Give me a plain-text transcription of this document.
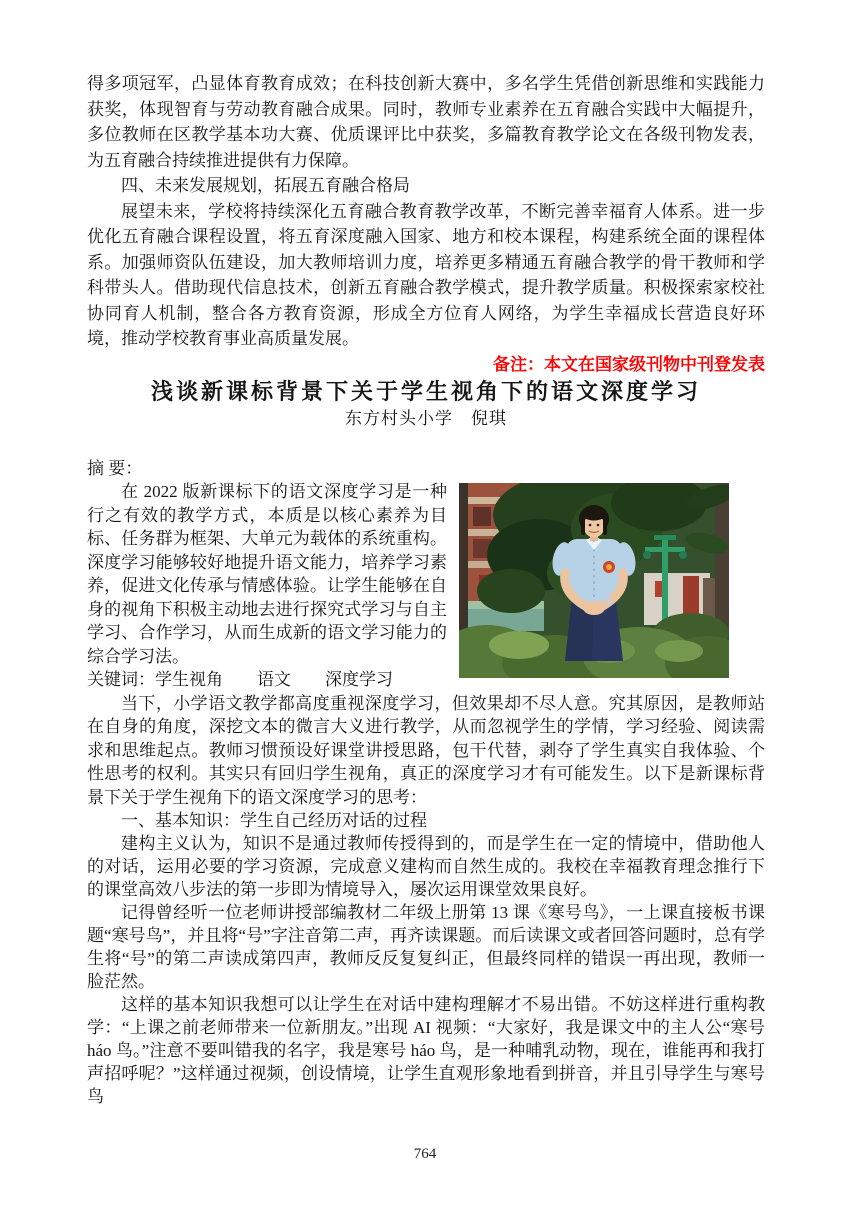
得多项冠军，凸显体育教育成效；在科技创新大赛中，多名学生凭借创新思维和实践能力获奖，体现智育与劳动教育融合成果。同时，教师专业素养在五育融合实践中大幅提升，多位教师在区教学基本功大赛、优质课评比中获奖，多篇教育教学论文在各级刊物发表，为五育融合持续推进提供有力保障。

四、未来发展规划，拓展五育融合格局

展望未来，学校将持续深化五育融合教育教学改革，不断完善幸福育人体系。进一步优化五育融合课程设置，将五育深度融入国家、地方和校本课程，构建系统全面的课程体系。加强师资队伍建设，加大教师培训力度，培养更多精通五育融合教学的骨干教师和学科带头人。借助现代信息技术，创新五育融合教学模式，提升教学质量。积极探索家校社协同育人机制，整合各方教育资源，形成全方位育人网络，为学生幸福成长营造良好环境，推动学校教育事业高质量发展。

备注：本文在国家级刊物中刊登发表

浅谈新课标背景下关于学生视角下的语文深度学习

东方村头小学　倪琪

摘 要：

在 2022 版新课标下的语文深度学习是一种行之有效的教学方式，本质是以核心素养为目标、任务群为框架、大单元为载体的系统重构。深度学习能够较好地提升语文能力，培养学习素养，促进文化传承与情感体验。让学生能够在自身的视角下积极主动地去进行探究式学习与自主学习、合作学习，从而生成新的语文学习能力的综合学习法。

关键词：学生视角　　语文　　深度学习

当下，小学语文教学都高度重视深度学习，但效果却不尽人意。究其原因，是教师站在自身的角度，深挖文本的微言大义进行教学，从而忽视学生的学情，学习经验、阅读需求和思维起点。教师习惯预设好课堂讲授思路，包干代替，剥夺了学生真实自我体验、个性思考的权利。其实只有回归学生视角，真正的深度学习才有可能发生。以下是新课标背景下关于学生视角下的语文深度学习的思考：

一、基本知识：学生自己经历对话的过程

建构主义认为，知识不是通过教师传授得到的，而是学生在一定的情境中，借助他人的对话，运用必要的学习资源，完成意义建构而自然生成的。我校在幸福教育理念推行下的课堂高效八步法的第一步即为情境导入，屡次运用课堂效果良好。

记得曾经听一位老师讲授部编教材二年级上册第 13 课《寒号鸟》，一上课直接板书课题“寒号鸟”，并且将“号”字注音第二声，再齐读课题。而后读课文或者回答问题时，总有学生将“号”的第二声读成第四声，教师反反复复纠正，但最终同样的错误一再出现，教师一脸茫然。

这样的基本知识我想可以让学生在对话中建构理解才不易出错。不妨这样进行重构教学：“上课之前老师带来一位新朋友。”出现 AI 视频：“大家好，我是课文中的主人公“寒号 háo 鸟。”注意不要叫错我的名字，我是寒号 háo 鸟，是一种哺乳动物，现在，谁能再和我打声招呼呢？”这样通过视频，创设情境，让学生直观形象地看到拼音，并且引导学生与寒号鸟

764
